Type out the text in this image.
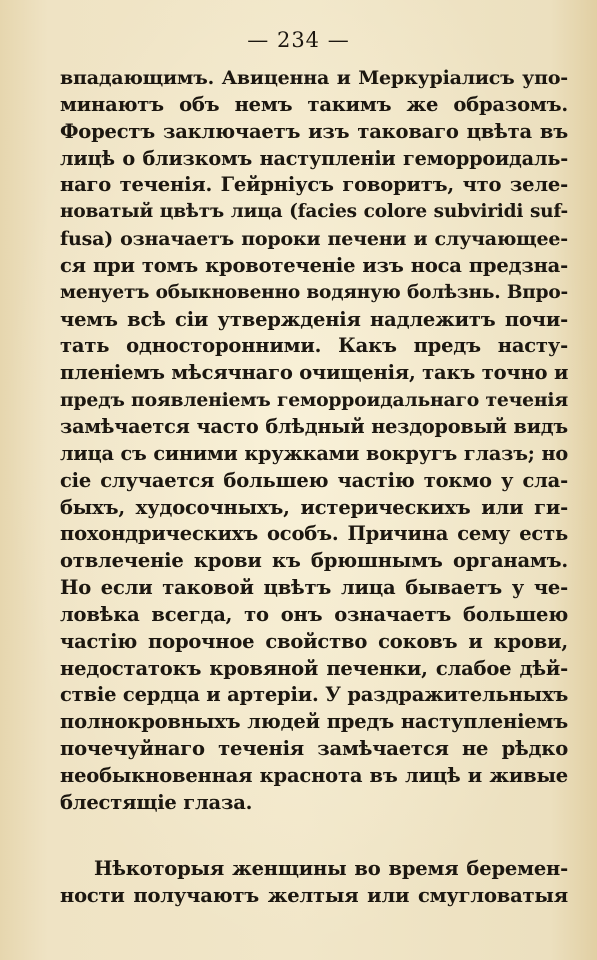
— 234 —
впадающимъ. Авиценна и Меркуріалисъ упо-
минаютъ объ немъ такимъ же образомъ.
Форестъ заключаетъ изъ таковаго цвѣта въ
лицѣ о близкомъ наступленіи геморроидаль-
наго теченія. Гейрніусъ говоритъ, что зеле-
новатый цвѣтъ лица (facies colore subviridi suf-
fusa) означаетъ пороки печени и случающее-
ся при томъ кровотеченіе изъ носа предзна-
менуетъ обыкновенно водяную болѣзнь. Впро-
чемъ всѣ сіи утвержденія надлежитъ почи-
тать односторонними. Какъ предъ насту-
пленіемъ мѣсячнаго очищенія, такъ точно и
предъ появленіемъ геморроидальнаго теченія
замѣчается часто блѣдный нездоровый видъ
лица съ синими кружками вокругъ глазъ; но
сіе случается большею частію токмо у сла-
быхъ, худосочныхъ, истерическихъ или ги-
похондрическихъ особъ. Причина сему есть
отвлеченіе крови къ брюшнымъ органамъ.
Но если таковой цвѣтъ лица бываетъ у че-
ловѣка всегда, то онъ означаетъ большею
частію порочное свойство соковъ и крови,
недостатокъ кровяной печенки, слабое дѣй-
ствіе сердца и артеріи. У раздражительныхъ
полнокровныхъ людей предъ наступленіемъ
почечуйнаго теченія замѣчается не рѣдко
необыкновенная краснота въ лицѣ и живые
блестящіе глаза.
Нѣкоторыя женщины во время беремен-
ности получаютъ желтыя или смугловатыя
